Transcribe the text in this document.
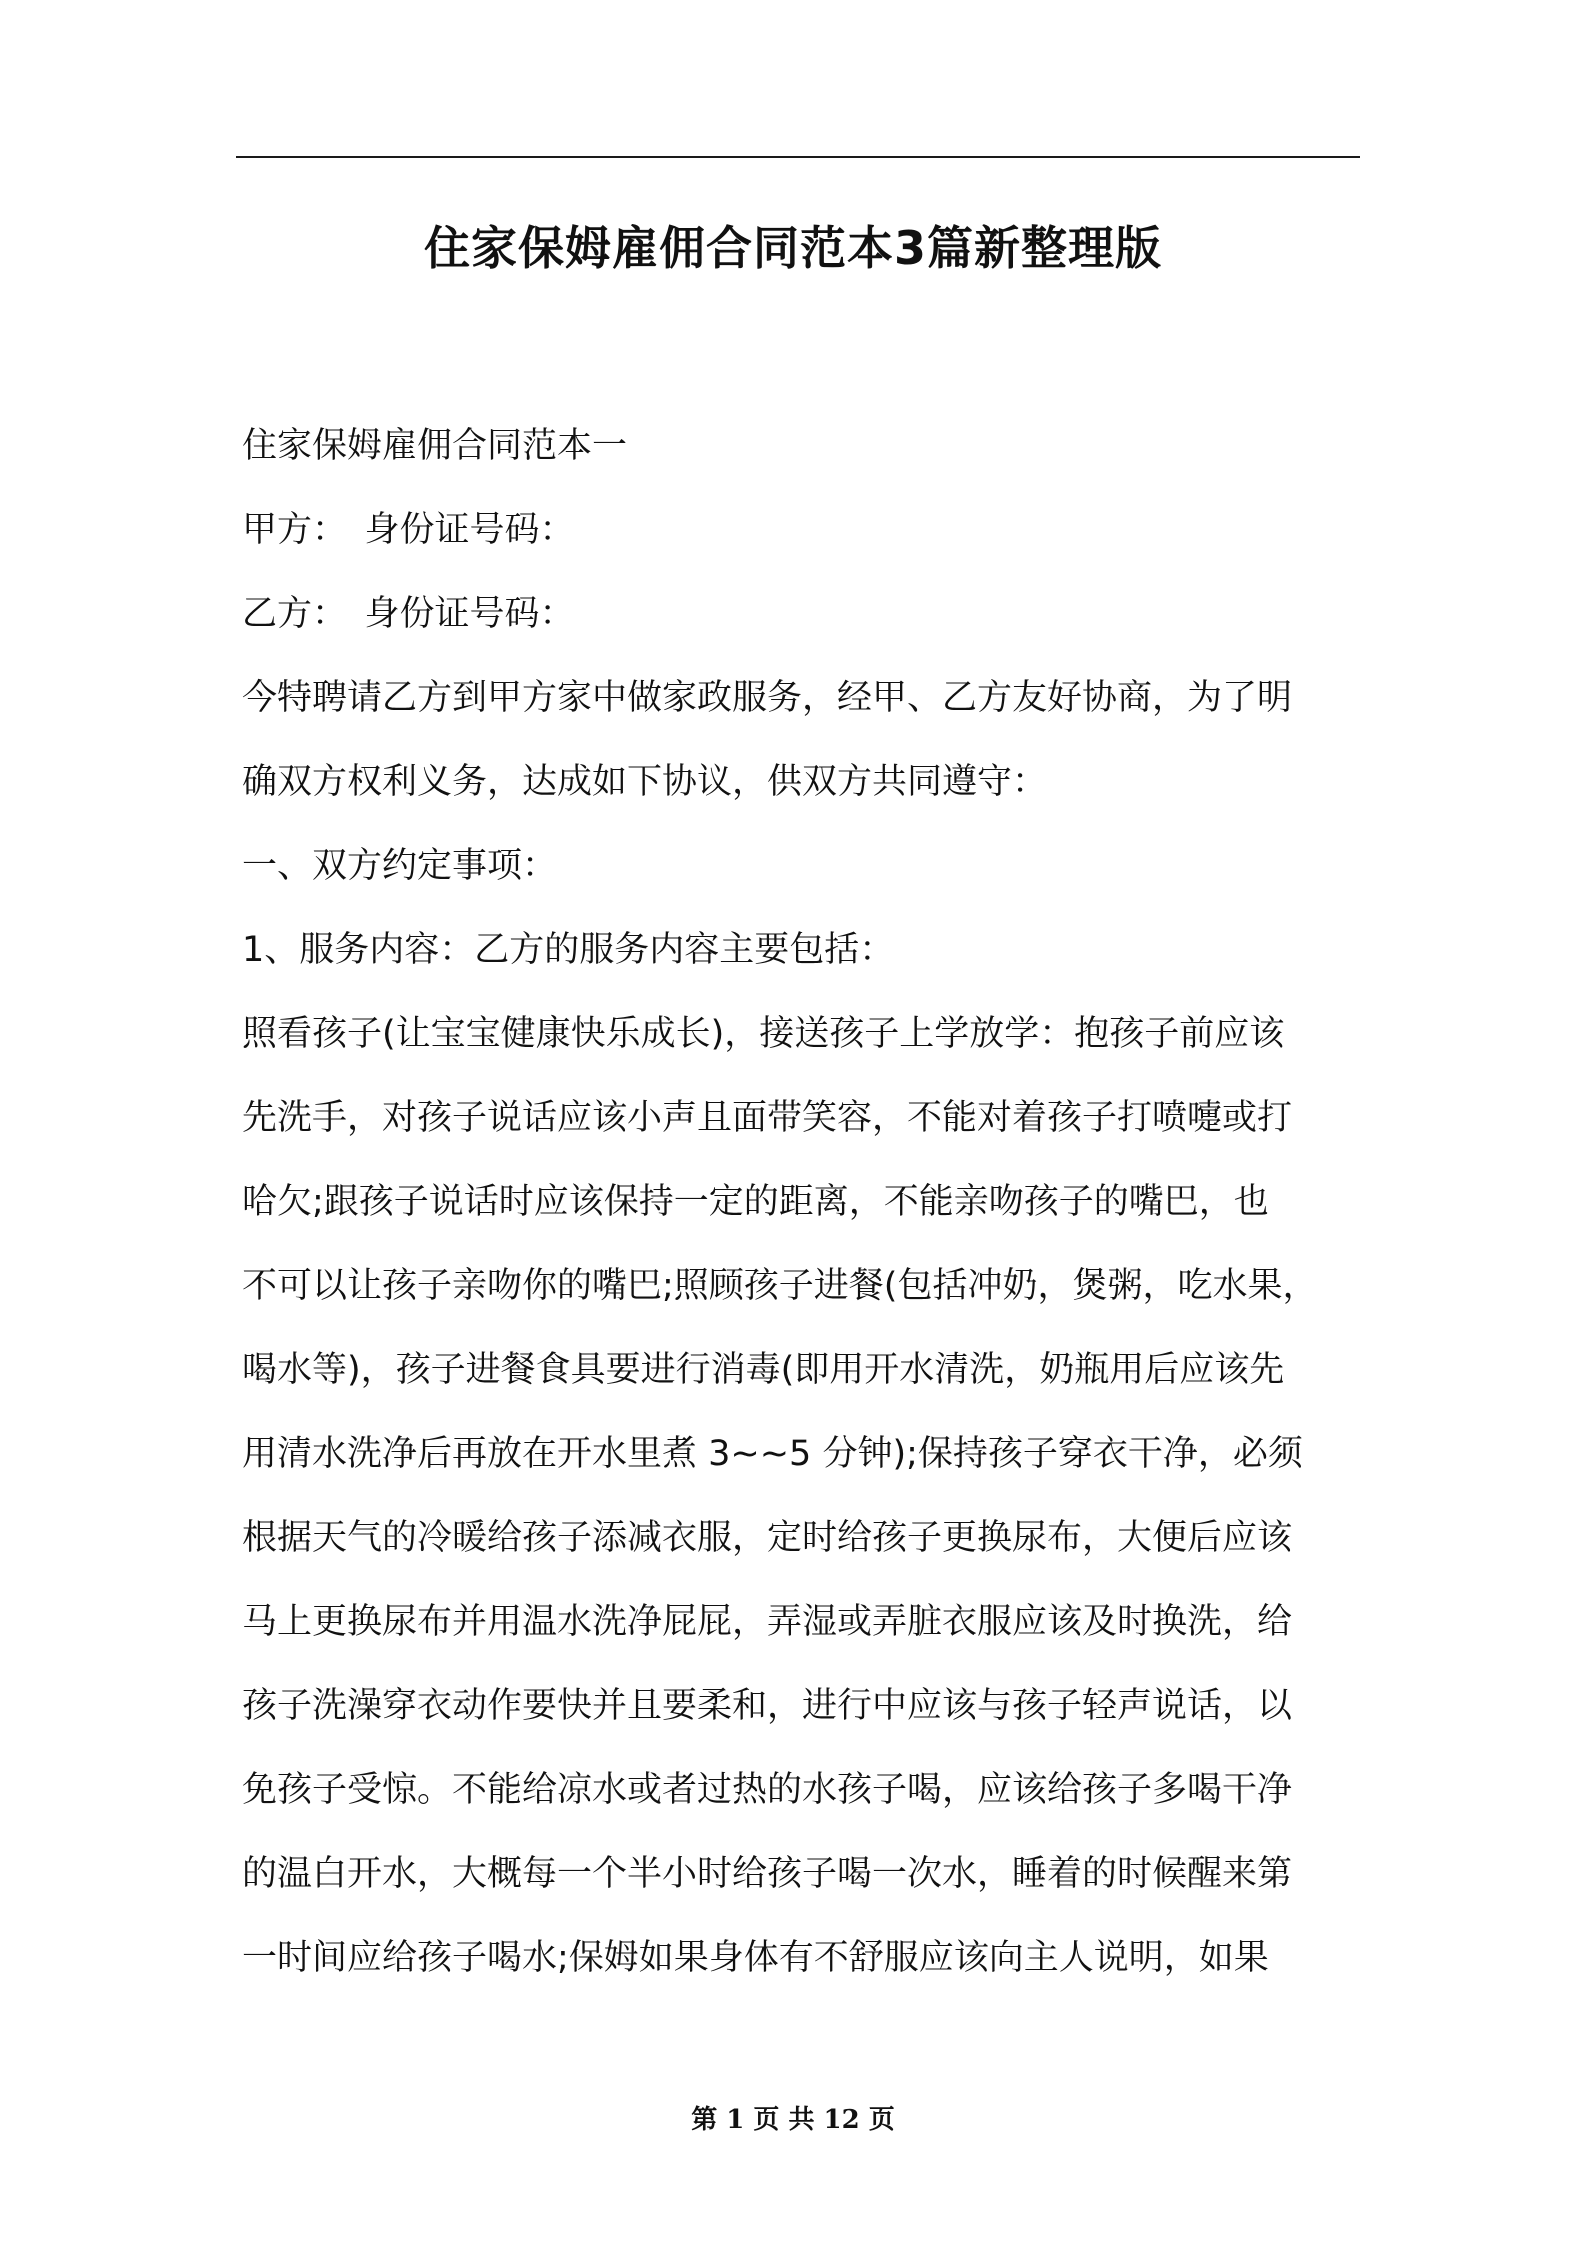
住家保姆雇佣合同范本3篇新整理版
住家保姆雇佣合同范本一
甲方：　身份证号码：
乙方：　身份证号码：
今特聘请乙方到甲方家中做家政服务，经甲、乙方友好协商，为了明
确双方权利义务，达成如下协议，供双方共同遵守：
一、双方约定事项：
1、服务内容：乙方的服务内容主要包括：
照看孩子(让宝宝健康快乐成长)，接送孩子上学放学：抱孩子前应该
先洗手，对孩子说话应该小声且面带笑容，不能对着孩子打喷嚏或打
哈欠;跟孩子说话时应该保持一定的距离，不能亲吻孩子的嘴巴，也
不可以让孩子亲吻你的嘴巴;照顾孩子进餐(包括冲奶，煲粥，吃水果，
喝水等)，孩子进餐食具要进行消毒(即用开水清洗，奶瓶用后应该先
用清水洗净后再放在开水里煮 3~~5 分钟);保持孩子穿衣干净，必须
根据天气的冷暖给孩子添减衣服，定时给孩子更换尿布，大便后应该
马上更换尿布并用温水洗净屁屁，弄湿或弄脏衣服应该及时换洗，给
孩子洗澡穿衣动作要快并且要柔和，进行中应该与孩子轻声说话，以
免孩子受惊。不能给凉水或者过热的水孩子喝，应该给孩子多喝干净
的温白开水，大概每一个半小时给孩子喝一次水，睡着的时候醒来第
一时间应给孩子喝水;保姆如果身体有不舒服应该向主人说明，如果
第 1 页 共 12 页
